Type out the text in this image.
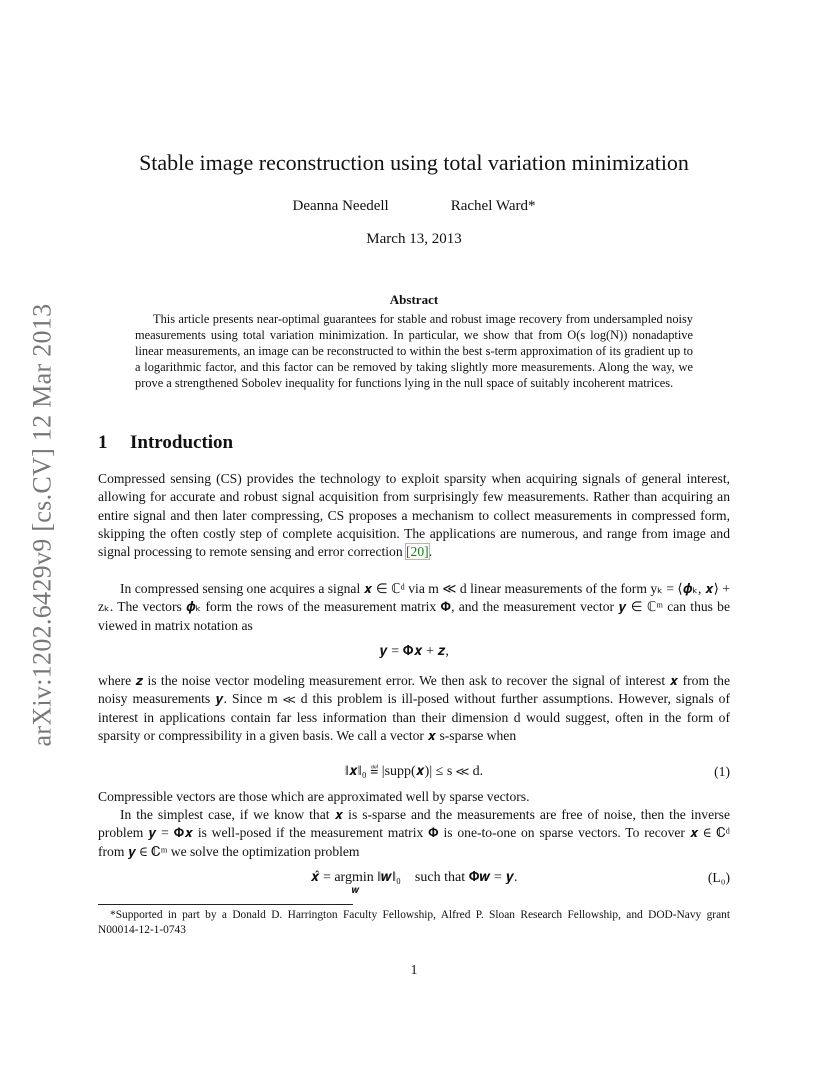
arXiv:1202.6429v9 [cs.CV] 12 Mar 2013
Stable image reconstruction using total variation minimization
Deanna Needell	Rachel Ward*
March 13, 2013
Abstract
This article presents near-optimal guarantees for stable and robust image recovery from undersampled noisy measurements using total variation minimization. In particular, we show that from O(s log(N)) nonadaptive linear measurements, an image can be reconstructed to within the best s-term approximation of its gradient up to a logarithmic factor, and this factor can be removed by taking slightly more measurements. Along the way, we prove a strengthened Sobolev inequality for functions lying in the null space of suitably incoherent matrices.
1 Introduction
Compressed sensing (CS) provides the technology to exploit sparsity when acquiring signals of general interest, allowing for accurate and robust signal acquisition from surprisingly few measurements. Rather than acquiring an entire signal and then later compressing, CS proposes a mechanism to collect measurements in compressed form, skipping the often costly step of complete acquisition. The applications are numerous, and range from image and signal processing to remote sensing and error correction [20].
In compressed sensing one acquires a signal 𝒙 ∈ ℂᵈ via m ≪ d linear measurements of the form yₖ = ⟨𝝓ₖ, 𝒙⟩ + zₖ. The vectors 𝝓ₖ form the rows of the measurement matrix 𝚽, and the measurement vector 𝒚 ∈ ℂᵐ can thus be viewed in matrix notation as
𝒚 = 𝚽𝒙 + 𝒛,
where 𝒛 is the noise vector modeling measurement error. We then ask to recover the signal of interest 𝒙 from the noisy measurements 𝒚. Since m ≪ d this problem is ill-posed without further assumptions. However, signals of interest in applications contain far less information than their dimension d would suggest, often in the form of sparsity or compressibility in a given basis. We call a vector 𝒙 s-sparse when
‖𝒙‖₀ ≝ |supp(𝒙)| ≤ s ≪ d.	(1)
Compressible vectors are those which are approximated well by sparse vectors.
In the simplest case, if we know that 𝒙 is s-sparse and the measurements are free of noise, then the inverse problem 𝒚 = 𝚽𝒙 is well-posed if the measurement matrix 𝚽 is one-to-one on sparse vectors. To recover 𝒙 ∈ ℂᵈ from 𝒚 ∈ ℂᵐ we solve the optimization problem
𝒙̂ = argmin ‖𝒘‖₀
$^𝒘$    such that 𝚽𝒘 = 𝒚.	(L₀)
*Supported in part by a Donald D. Harrington Faculty Fellowship, Alfred P. Sloan Research Fellowship, and DOD-Navy grant N00014-12-1-0743
1
